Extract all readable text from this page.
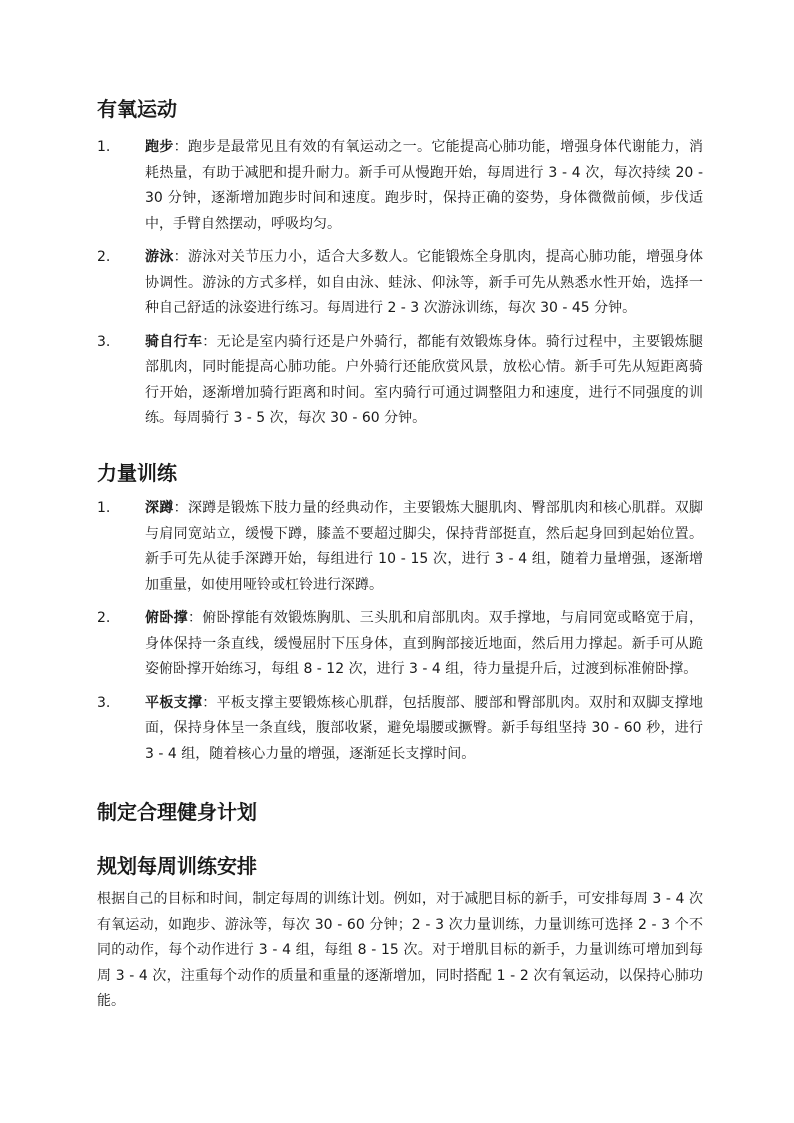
有氧运动
1. 跑步：跑步是最常见且有效的有氧运动之一。它能提高心肺功能，增强身体代谢能力，消耗热量，有助于减肥和提升耐力。新手可从慢跑开始，每周进行 3 - 4 次，每次持续 20 - 30 分钟，逐渐增加跑步时间和速度。跑步时，保持正确的姿势，身体微微前倾，步伐适中，手臂自然摆动，呼吸均匀。

2. 游泳：游泳对关节压力小，适合大多数人。它能锻炼全身肌肉，提高心肺功能，增强身体协调性。游泳的方式多样，如自由泳、蛙泳、仰泳等，新手可先从熟悉水性开始，选择一种自己舒适的泳姿进行练习。每周进行 2 - 3 次游泳训练，每次 30 - 45 分钟。

3. 骑自行车：无论是室内骑行还是户外骑行，都能有效锻炼身体。骑行过程中，主要锻炼腿部肌肉，同时能提高心肺功能。户外骑行还能欣赏风景，放松心情。新手可先从短距离骑行开始，逐渐增加骑行距离和时间。室内骑行可通过调整阻力和速度，进行不同强度的训练。每周骑行 3 - 5 次，每次 30 - 60 分钟。

力量训练
1. 深蹲：深蹲是锻炼下肢力量的经典动作，主要锻炼大腿肌肉、臀部肌肉和核心肌群。双脚与肩同宽站立，缓慢下蹲，膝盖不要超过脚尖，保持背部挺直，然后起身回到起始位置。新手可先从徒手深蹲开始，每组进行 10 - 15 次，进行 3 - 4 组，随着力量增强，逐渐增加重量，如使用哑铃或杠铃进行深蹲。

2. 俯卧撑：俯卧撑能有效锻炼胸肌、三头肌和肩部肌肉。双手撑地，与肩同宽或略宽于肩，身体保持一条直线，缓慢屈肘下压身体，直到胸部接近地面，然后用力撑起。新手可从跪姿俯卧撑开始练习，每组 8 - 12 次，进行 3 - 4 组，待力量提升后，过渡到标准俯卧撑。

3. 平板支撑：平板支撑主要锻炼核心肌群，包括腹部、腰部和臀部肌肉。双肘和双脚支撑地面，保持身体呈一条直线，腹部收紧，避免塌腰或撅臀。新手每组坚持 30 - 60 秒，进行 3 - 4 组，随着核心力量的增强，逐渐延长支撑时间。

制定合理健身计划
规划每周训练安排

根据自己的目标和时间，制定每周的训练计划。例如，对于减肥目标的新手，可安排每周 3 - 4 次有氧运动，如跑步、游泳等，每次 30 - 60 分钟；2 - 3 次力量训练，力量训练可选择 2 - 3 个不同的动作，每个动作进行 3 - 4 组，每组 8 - 15 次。对于增肌目标的新手，力量训练可增加到每周 3 - 4 次，注重每个动作的质量和重量的逐渐增加，同时搭配 1 - 2 次有氧运动，以保持心肺功能。
